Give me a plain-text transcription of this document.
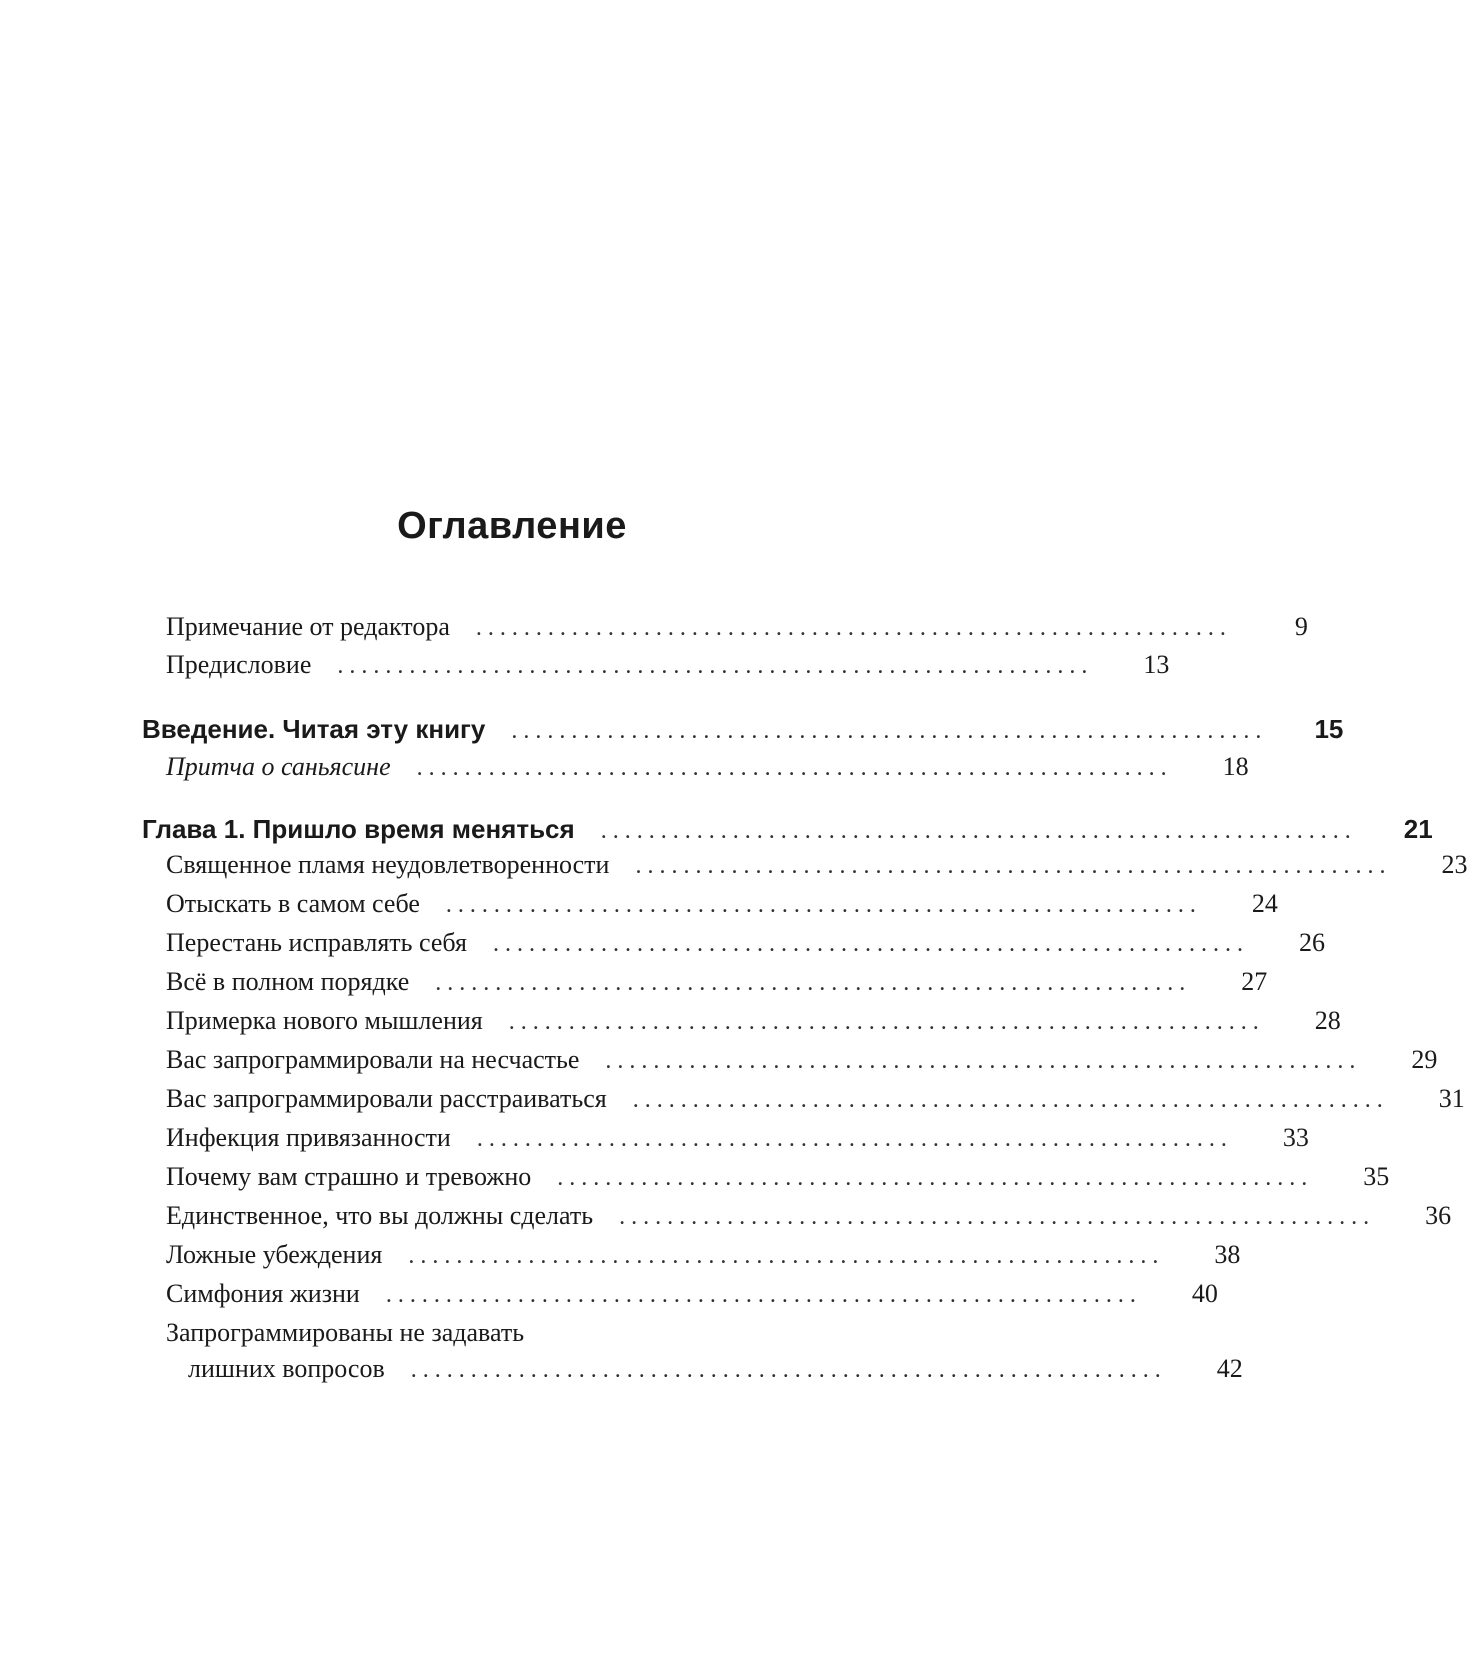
Оглавление
Примечание от редактора	...............................................................	9
Предисловие	...............................................................	13
Введение. Читая эту книгу	...............................................................	15
Притча о саньясине	...............................................................	18
Глава 1. Пришло время меняться	...............................................................	21
Священное пламя неудовлетворенности	...............................................................	23
Отыскать в самом себе	...............................................................	24
Перестань исправлять себя	...............................................................	26
Всё в полном порядке	...............................................................	27
Примерка нового мышления	...............................................................	28
Вас запрограммировали на несчастье	...............................................................	29
Вас запрограммировали расстраиваться	...............................................................	31
Инфекция привязанности	...............................................................	33
Почему вам страшно и тревожно	...............................................................	35
Единственное, что вы должны сделать	...............................................................	36
Ложные убеждения	...............................................................	38
Симфония жизни	...............................................................	40
Запрограммированы не задавать
лишних вопросов	...............................................................	42
